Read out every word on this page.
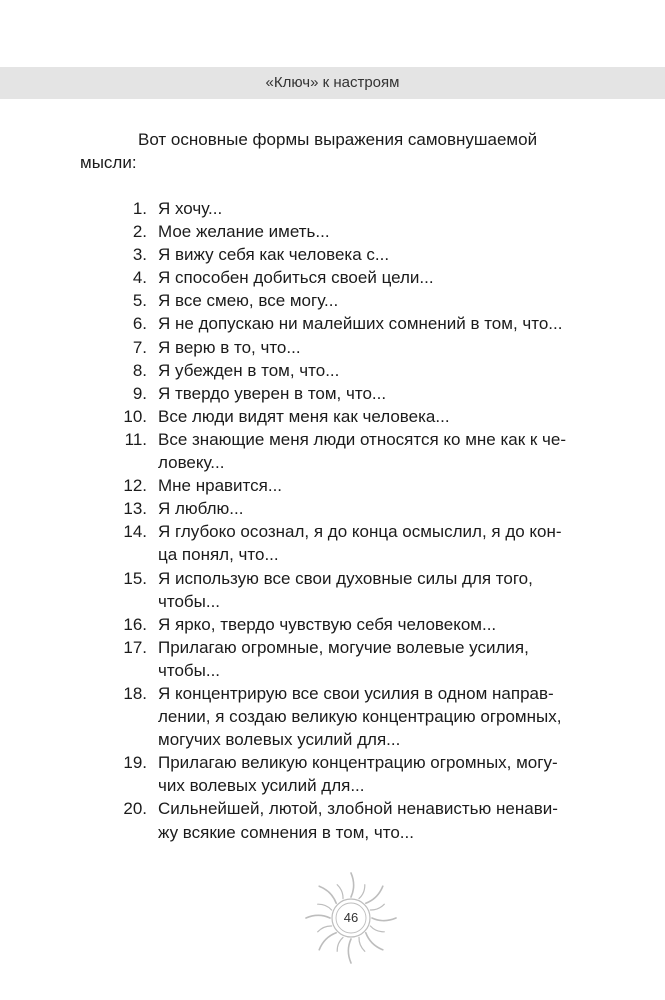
«Ключ» к настроям

Вот основные формы выражения самовнушаемой
мысли:

1. Я хочу...
2. Мое желание иметь...
3. Я вижу себя как человека с...
4. Я способен добиться своей цели...
5. Я все смею, все могу...
6. Я не допускаю ни малейших сомнений в том, что...
7. Я верю в то, что...
8. Я убежден в том, что...
9. Я твердо уверен в том, что...
10. Все люди видят меня как человека...
11. Все знающие меня люди относятся ко мне как к че-
ловеку...
12. Мне нравится...
13. Я люблю...
14. Я глубоко осознал, я до конца осмыслил, я до кон-
ца понял, что...
15. Я использую все свои духовные силы для того,
чтобы...
16. Я ярко, твердо чувствую себя человеком...
17. Прилагаю огромные, могучие волевые усилия,
чтобы...
18. Я концентрирую все свои усилия в одном направ-
лении, я создаю великую концентрацию огромных,
могучих волевых усилий для...
19. Прилагаю великую концентрацию огромных, могу-
чих волевых усилий для...
20. Сильнейшей, лютой, злобной ненавистью ненави-
жу всякие сомнения в том, что...
46
